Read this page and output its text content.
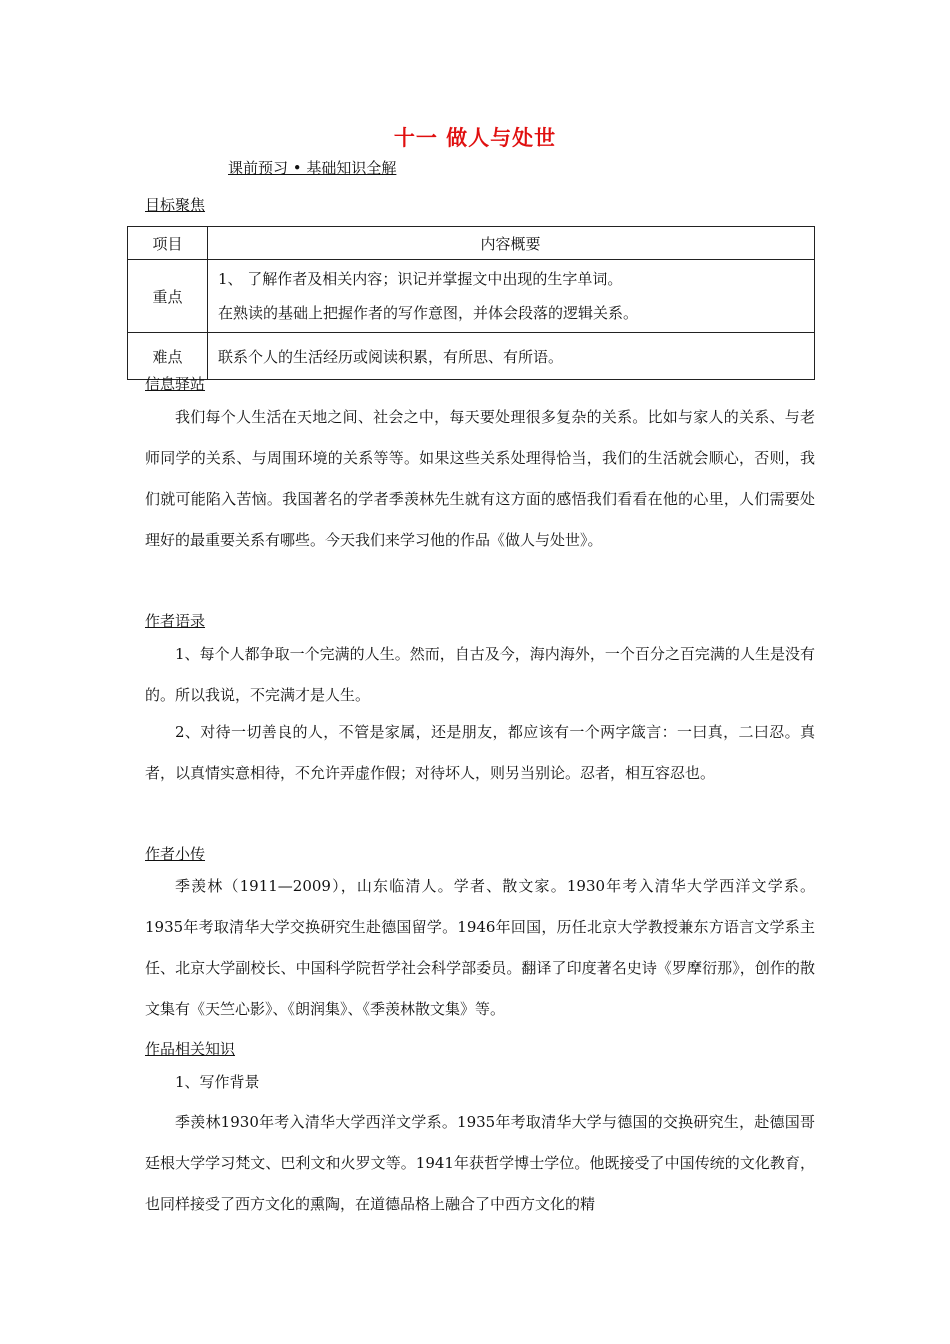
十一 做人与处世
课前预习 • 基础知识全解
目标聚焦
项目	内容概要
重点	1、 了解作者及相关内容；识记并掌握文中出现的生字单词。
在熟读的基础上把握作者的写作意图，并体会段落的逻辑关系。

难点	联系个人的生活经历或阅读积累，有所思、有所语。
信息驿站
我们每个人生活在天地之间、社会之中，每天要处理很多复杂的关系。比如与家人的关系、与老师同学的关系、与周围环境的关系等等。如果这些关系处理得恰当，我们的生活就会顺心，否则，我们就可能陷入苦恼。我国著名的学者季羡林先生就有这方面的感悟我们看看在他的心里，人们需要处理好的最重要关系有哪些。今天我们来学习他的作品《做人与处世》。
作者语录
1、每个人都争取一个完满的人生。然而，自古及今，海内海外，一个百分之百完满的人生是没有的。所以我说，不完满才是人生。
2、对待一切善良的人，不管是家属，还是朋友，都应该有一个两字箴言：一曰真，二曰忍。真者，以真情实意相待，不允许弄虚作假；对待坏人，则另当别论。忍者，相互容忍也。
作者小传
季羡林（1911—2009），山东临清人。学者、散文家。1930年考入清华大学西洋文学系。1935年考取清华大学交换研究生赴德国留学。1946年回国，历任北京大学教授兼东方语言文学系主任、北京大学副校长、中国科学院哲学社会科学部委员。翻译了印度著名史诗《罗摩衍那》，创作的散文集有《天竺心影》、《朗润集》、《季羡林散文集》等。
作品相关知识
1、写作背景
季羡林1930年考入清华大学西洋文学系。1935年考取清华大学与德国的交换研究生，赴德国哥廷根大学学习梵文、巴利文和火罗文等。1941年获哲学博士学位。他既接受了中国传统的文化教育，也同样接受了西方文化的熏陶，在道德品格上融合了中西方文化的精
